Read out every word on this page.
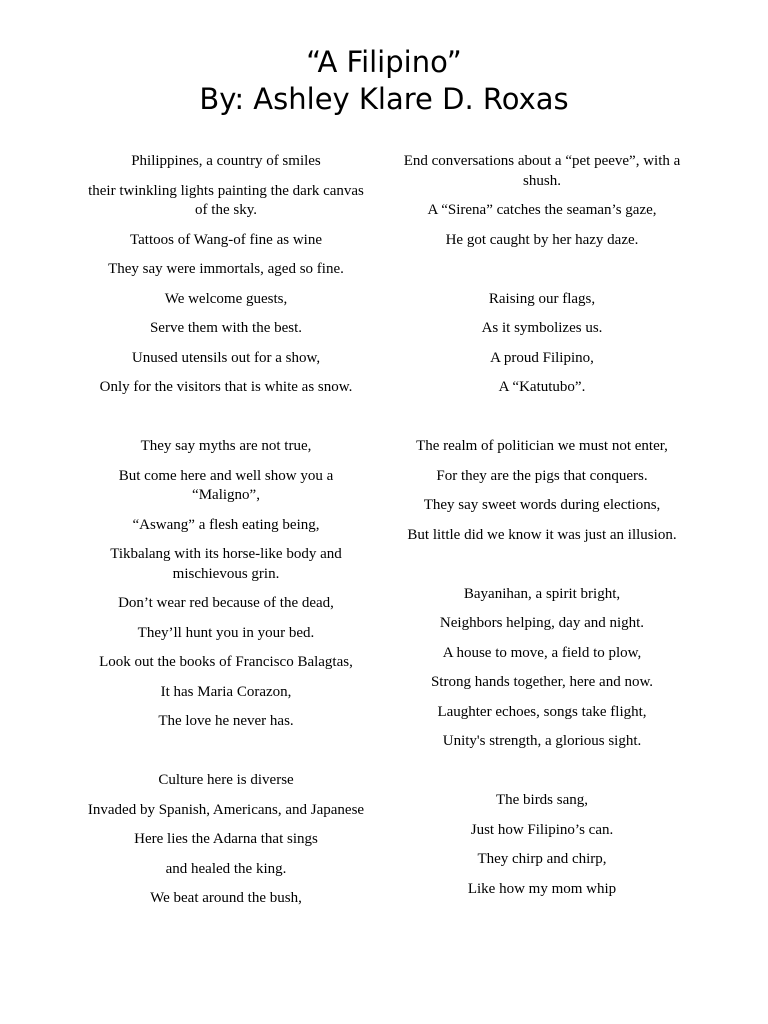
“A Filipino”
By: Ashley Klare D. Roxas

Philippines, a country of smiles

their twinkling lights painting the dark canvas of the sky.

Tattoos of Wang-of fine as wine

They say were immortals, aged so fine.

We welcome guests,

Serve them with the best.

Unused utensils out for a show,

Only for the visitors that is white as snow.

They say myths are not true,

But come here and well show you a “Maligno”,

“Aswang” a flesh eating being,

Tikbalang with its horse-like body and mischievous grin.

Don’t wear red because of the dead,

They’ll hunt you in your bed.

Look out the books of Francisco Balagtas,

It has Maria Corazon,

The love he never has.

Culture here is diverse

Invaded by Spanish, Americans, and Japanese

Here lies the Adarna that sings

and healed the king.

We beat around the bush,

End conversations about a “pet peeve”, with a shush.

A “Sirena” catches the seaman’s gaze,

He got caught by her hazy daze.

Raising our flags,

As it symbolizes us.

A proud Filipino,

A “Katutubo”.

The realm of politician we must not enter,

For they are the pigs that conquers.

They say sweet words during elections,

But little did we know it was just an illusion.

Bayanihan, a spirit bright,

Neighbors helping, day and night.

A house to move, a field to plow,

Strong hands together, here and now.

Laughter echoes, songs take flight,

Unity's strength, a glorious sight.

The birds sang,

Just how Filipino’s can.

They chirp and chirp,

Like how my mom whip
